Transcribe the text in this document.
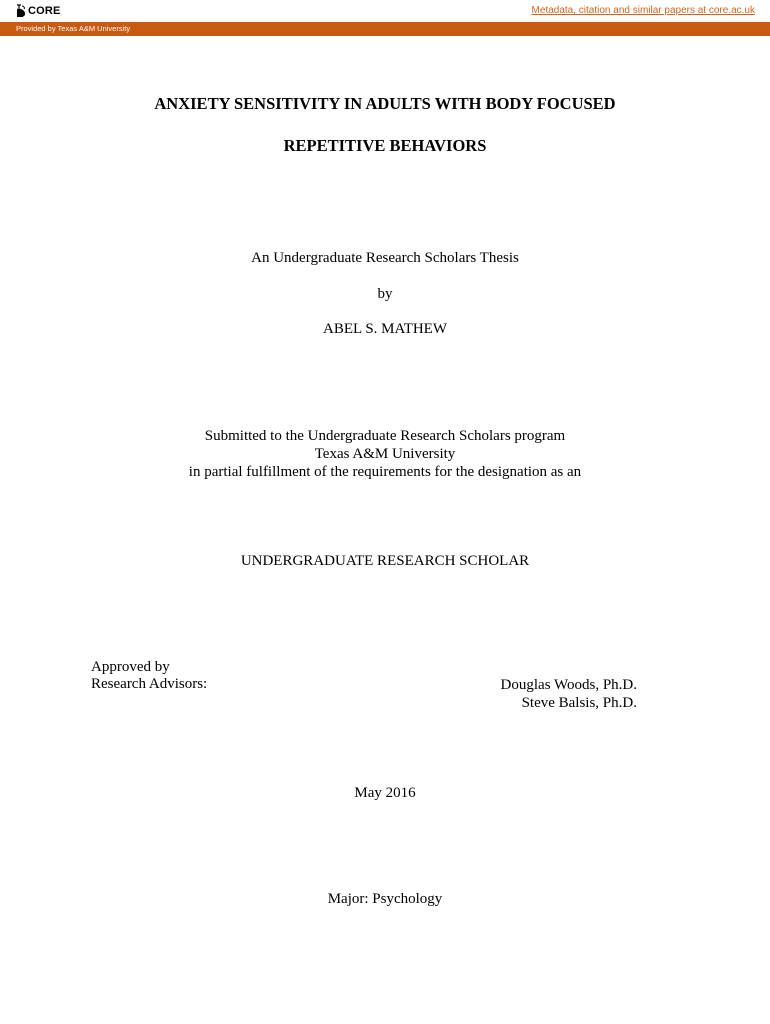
CORE	Metadata, citation and similar papers at core.ac.uk
Provided by Texas A&M University
ANXIETY SENSITIVITY IN ADULTS WITH BODY FOCUSED
REPETITIVE BEHAVIORS
An Undergraduate Research Scholars Thesis
by
ABEL S. MATHEW
Submitted to the Undergraduate Research Scholars program
Texas A&M University
in partial fulfillment of the requirements for the designation as an
UNDERGRADUATE RESEARCH SCHOLAR
Approved by
Research Advisors:	Douglas Woods, Ph.D.
Steve Balsis, Ph.D.
May 2016
Major: Psychology
